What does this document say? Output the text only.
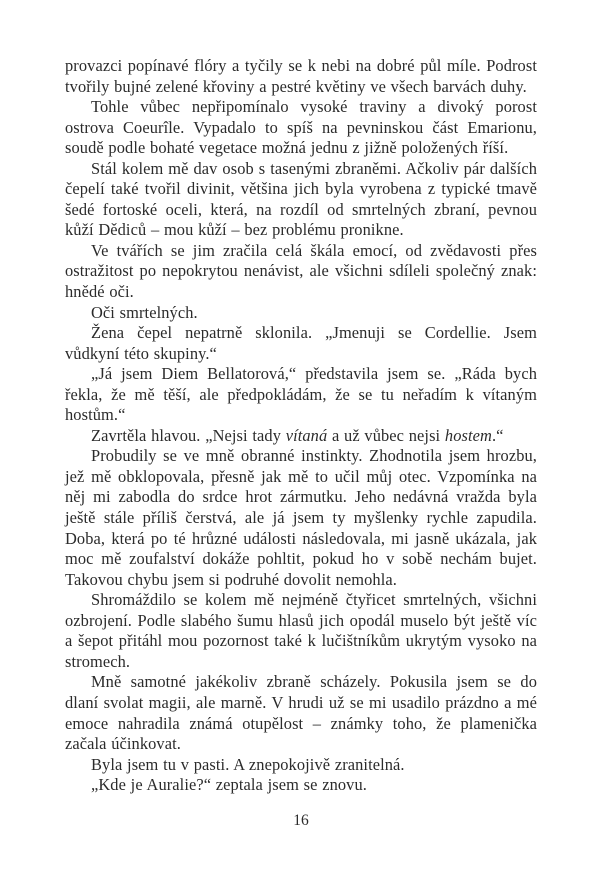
provazci popínavé flóry a tyčily se k nebi na dobré půl míle. Podrost tvořily bujné zelené křoviny a pestré květiny ve všech barvách duhy.

Tohle vůbec nepřipomínalo vysoké traviny a divoký porost ostrova Coeurîle. Vypadalo to spíš na pevninskou část Emarionu, soudě podle bohaté vegetace možná jednu z jižně položených říší.

Stál kolem mě dav osob s tasenými zbraněmi. Ačkoliv pár dalších čepelí také tvořil divinit, většina jich byla vyrobena z typické tmavě šedé fortoské oceli, která, na rozdíl od smrtelných zbraní, pevnou kůží Dědiců – mou kůží – bez problému pronikne.

Ve tvářích se jim zračila celá škála emocí, od zvědavosti přes ostražitost po nepokrytou nenávist, ale všichni sdíleli společný znak: hnědé oči.

Oči smrtelných.

Žena čepel nepatrně sklonila. „Jmenuji se Cordellie. Jsem vůdkyní této skupiny.“

„Já jsem Diem Bellatorová,“ představila jsem se. „Ráda bych řekla, že mě těší, ale předpokládám, že se tu neřadím k vítaným hostům.“

Zavrtěla hlavou. „Nejsi tady vítaná a už vůbec nejsi hostem.“

Probudily se ve mně obranné instinkty. Zhodnotila jsem hrozbu, jež mě obklopovala, přesně jak mě to učil můj otec. Vzpomínka na něj mi zabodla do srdce hrot zármutku. Jeho nedávná vražda byla ještě stále příliš čerstvá, ale já jsem ty myšlenky rychle zapudila. Doba, která po té hrůzné události následovala, mi jasně ukázala, jak moc mě zoufalství dokáže pohltit, pokud ho v sobě nechám bujet. Takovou chybu jsem si podruhé dovolit nemohla.

Shromáždilo se kolem mě nejméně čtyřicet smrtelných, všichni ozbrojení. Podle slabého šumu hlasů jich opodál muselo být ještě víc a šepot přitáhl mou pozornost také k lučištníkům ukrytým vysoko na stromech.

Mně samotné jakékoliv zbraně scházely. Pokusila jsem se do dlaní svolat magii, ale marně. V hrudi už se mi usadilo prázdno a mé emoce nahradila známá otupělost – známky toho, že plamenička začala účinkovat.

Byla jsem tu v pasti. A znepokojivě zranitelná.

„Kde je Auralie?“ zeptala jsem se znovu.

16
